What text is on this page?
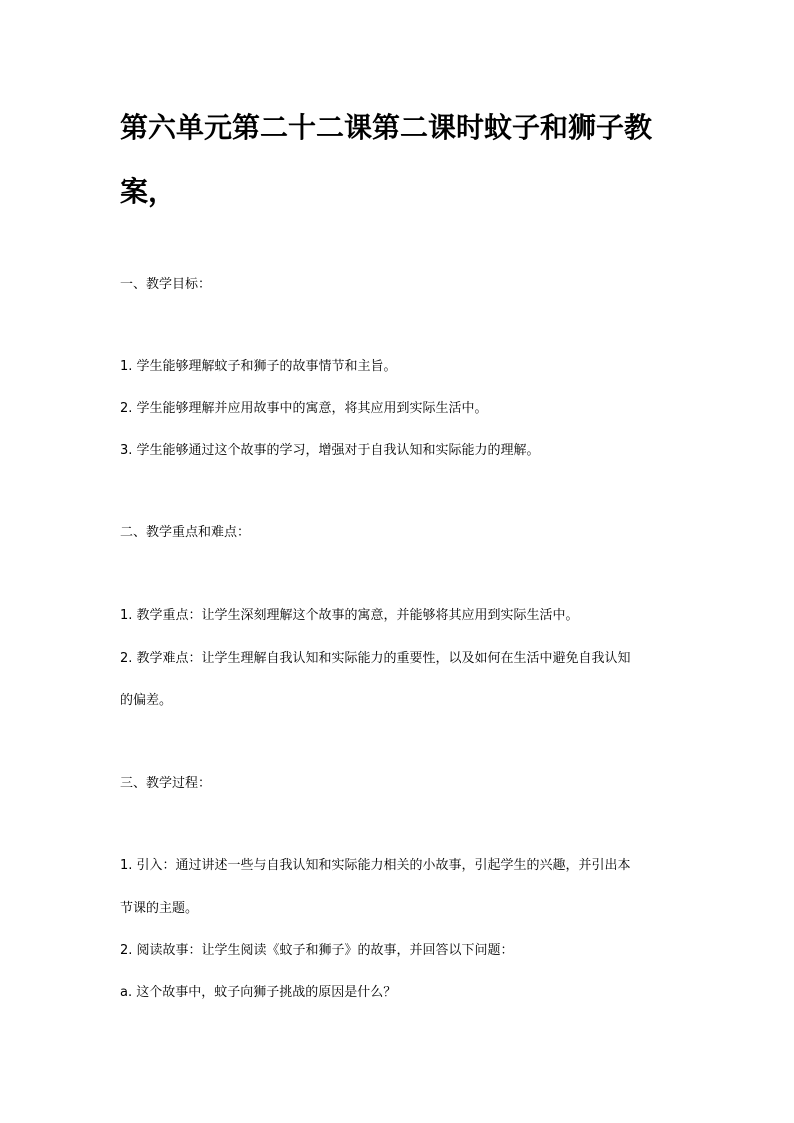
第六单元第二十二课第二课时蚊子和狮子教
案，

一、教学目标：

1. 学生能够理解蚊子和狮子的故事情节和主旨。

2. 学生能够理解并应用故事中的寓意，将其应用到实际生活中。

3. 学生能够通过这个故事的学习，增强对于自我认知和实际能力的理解。

二、教学重点和难点：

1. 教学重点：让学生深刻理解这个故事的寓意，并能够将其应用到实际生活中。

2. 教学难点：让学生理解自我认知和实际能力的重要性，以及如何在生活中避免自我认知

的偏差。

三、教学过程：

1. 引入：通过讲述一些与自我认知和实际能力相关的小故事，引起学生的兴趣，并引出本

节课的主题。

2. 阅读故事：让学生阅读《蚊子和狮子》的故事，并回答以下问题：

a. 这个故事中，蚊子向狮子挑战的原因是什么？
